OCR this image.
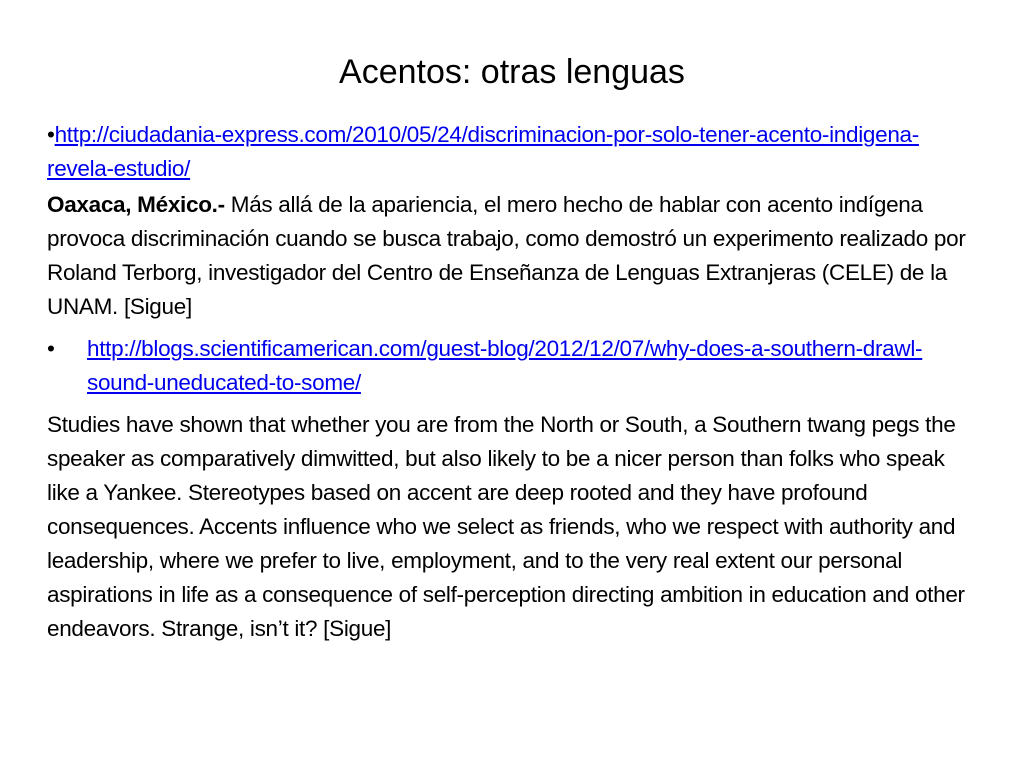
Acentos: otras lenguas

•http://ciudadania-express.com/2010/05/24/discriminacion-por-solo-tener-acento-indigena-revela-estudio/

Oaxaca, México.- Más allá de la apariencia, el mero hecho de hablar con acento indígena provoca discriminación cuando se busca trabajo, como demostró un experimento realizado por Roland Terborg, investigador del Centro de Enseñanza de Lenguas Extranjeras (CELE) de la UNAM. [Sigue]

• http://blogs.scientificamerican.com/guest-blog/2012/12/07/why-does-a-southern-drawl-sound-uneducated-to-some/

Studies have shown that whether you are from the North or South, a Southern twang pegs the speaker as comparatively dimwitted, but also likely to be a nicer person than folks who speak like a Yankee. Stereotypes based on accent are deep rooted and they have profound consequences. Accents influence who we select as friends, who we respect with authority and leadership, where we prefer to live, employment, and to the very real extent our personal aspirations in life as a consequence of self-perception directing ambition in education and other endeavors. Strange, isn’t it? [Sigue]
